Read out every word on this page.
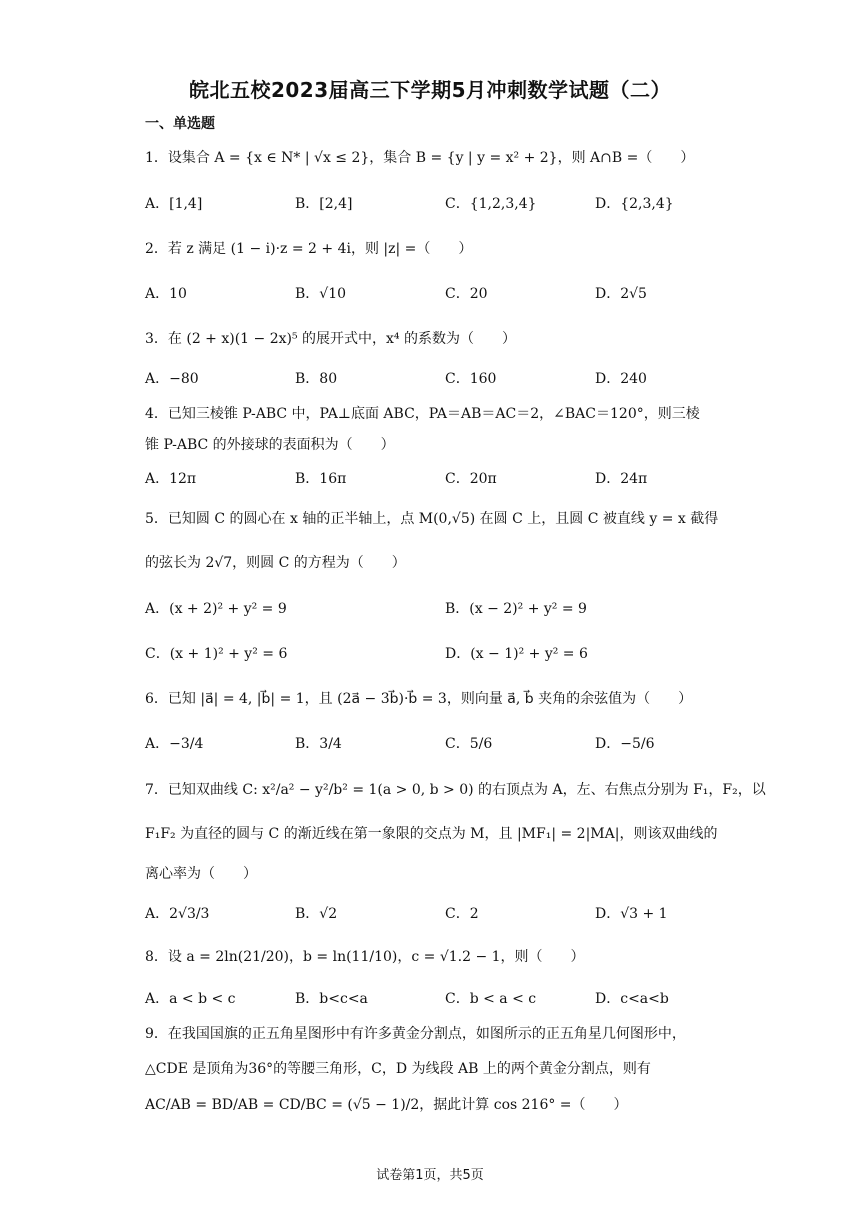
皖北五校2023届高三下学期5月冲刺数学试题（二）
一、单选题
1．设集合 A = {x ∈ N* | √x ≤ 2}，集合 B = {y | y = x² + 2}，则 A∩B =（　　）
A．[1,4]	B．[2,4]	C．{1,2,3,4}	D．{2,3,4}
2．若 z 满足 (1 − i)·z = 2 + 4i，则 |z| =（　　）
A．10	B．√10	C．20	D．2√5
3．在 (2 + x)(1 − 2x)⁵ 的展开式中，x⁴ 的系数为（　　）
A．−80	B．80	C．160	D．240
4．已知三棱锥 P-ABC 中，PA⊥底面 ABC，PA＝AB＝AC＝2，∠BAC＝120°，则三棱
锥 P-ABC 的外接球的表面积为（　　）
A．12π	B．16π	C．20π	D．24π
5．已知圆 C 的圆心在 x 轴的正半轴上，点 M(0,√5) 在圆 C 上，且圆 C 被直线 y = x 截得
的弦长为 2√7，则圆 C 的方程为（　　）
A．(x + 2)² + y² = 9	B．(x − 2)² + y² = 9
C．(x + 1)² + y² = 6	D．(x − 1)² + y² = 6
6．已知 |a⃗| = 4, |b⃗| = 1，且 (2a⃗ − 3b⃗)·b⃗ = 3，则向量 a⃗, b⃗ 夹角的余弦值为（　　）
A．−3/4	B．3/4	C．5/6	D．−5/6
7．已知双曲线 C: x²/a² − y²/b² = 1(a > 0, b > 0) 的右顶点为 A，左、右焦点分别为 F₁，F₂，以
F₁F₂ 为直径的圆与 C 的渐近线在第一象限的交点为 M，且 |MF₁| = 2|MA|，则该双曲线的
离心率为（　　）
A．2√3/3	B．√2	C．2	D．√3 + 1
8．设 a = 2ln(21/20)，b = ln(11/10)，c = √1.2 − 1，则（　　）
A．a < b < c	B．b<c<a	C．b < a < c	D．c<a<b
9．在我国国旗的正五角星图形中有许多黄金分割点，如图所示的正五角星几何图形中，
△CDE 是顶角为36°的等腰三角形，C，D 为线段 AB 上的两个黄金分割点，则有
AC/AB = BD/AB = CD/BC = (√5 − 1)/2，据此计算 cos 216° =（　　）
试卷第1页，共5页
